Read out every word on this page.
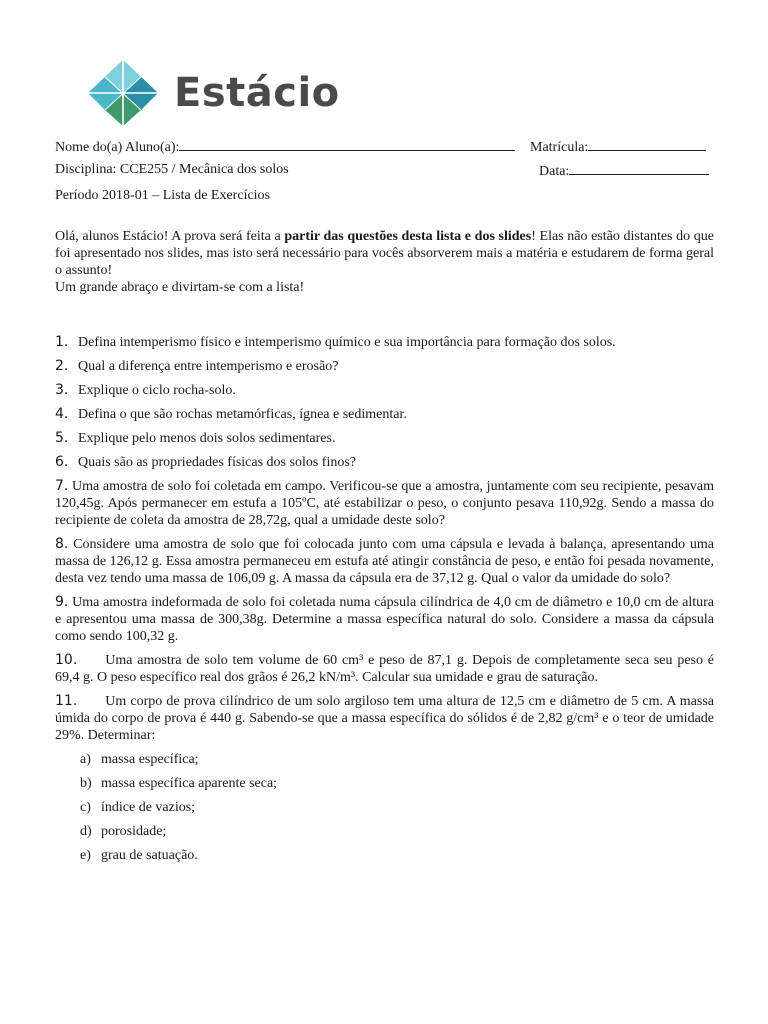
Estácio
Nome do(a) Aluno(a):	Matrícula:
Disciplina: CCE255 / Mecânica dos solos	Data:
Período 2018-01 – Lista de Exercícios

Olá, alunos Estácio! A prova será feita a partir das questões desta lista e dos slides! Elas não estão distantes do que foi apresentado nos slides, mas isto será necessário para vocês absorverem mais a matéria e estudarem de forma geral o assunto!

Um grande abraço e divirtam-se com a lista!

1. Defina intemperismo físico e intemperismo químico e sua importância para formação dos solos.

2. Qual a diferença entre intemperismo e erosão?

3. Explique o ciclo rocha-solo.

4. Defina o que são rochas metamórficas, ígnea e sedimentar.

5. Explique pelo menos dois solos sedimentares.

6. Quais são as propriedades físicas dos solos finos?

7. Uma amostra de solo foi coletada em campo. Verificou-se que a amostra, juntamente com seu recipiente, pesavam 120,45g. Após permanecer em estufa a 105ºC, até estabilizar o peso, o conjunto pesava 110,92g. Sendo a massa do recipiente de coleta da amostra de 28,72g, qual a umidade deste solo?

8. Considere uma amostra de solo que foi colocada junto com uma cápsula e levada à balança, apresentando uma massa de 126,12 g. Essa amostra permaneceu em estufa até atingir constância de peso, e então foi pesada novamente, desta vez tendo uma massa de 106,09 g. A massa da cápsula era de 37,12 g. Qual o valor da umidade do solo?

9. Uma amostra indeformada de solo foi coletada numa cápsula cilíndrica de 4,0 cm de diâmetro e 10,0 cm de altura e apresentou uma massa de 300,38g. Determine a massa específica natural do solo. Considere a massa da cápsula como sendo 100,32 g.

10. Uma amostra de solo tem volume de 60 cm³ e peso de 87,1 g. Depois de completamente seca seu peso é 69,4 g. O peso específico real dos grãos é 26,2 kN/m³. Calcular sua umidade e grau de saturação.

11. Um corpo de prova cilíndrico de um solo argiloso tem uma altura de 12,5 cm e diâmetro de 5 cm. A massa úmida do corpo de prova é 440 g. Sabendo-se que a massa específica do sólidos é de 2,82 g/cm³ e o teor de umidade 29%. Determinar:

a) massa específica;

b) massa específica aparente seca;

c) índice de vazios;

d) porosidade;

e) grau de satuação.
